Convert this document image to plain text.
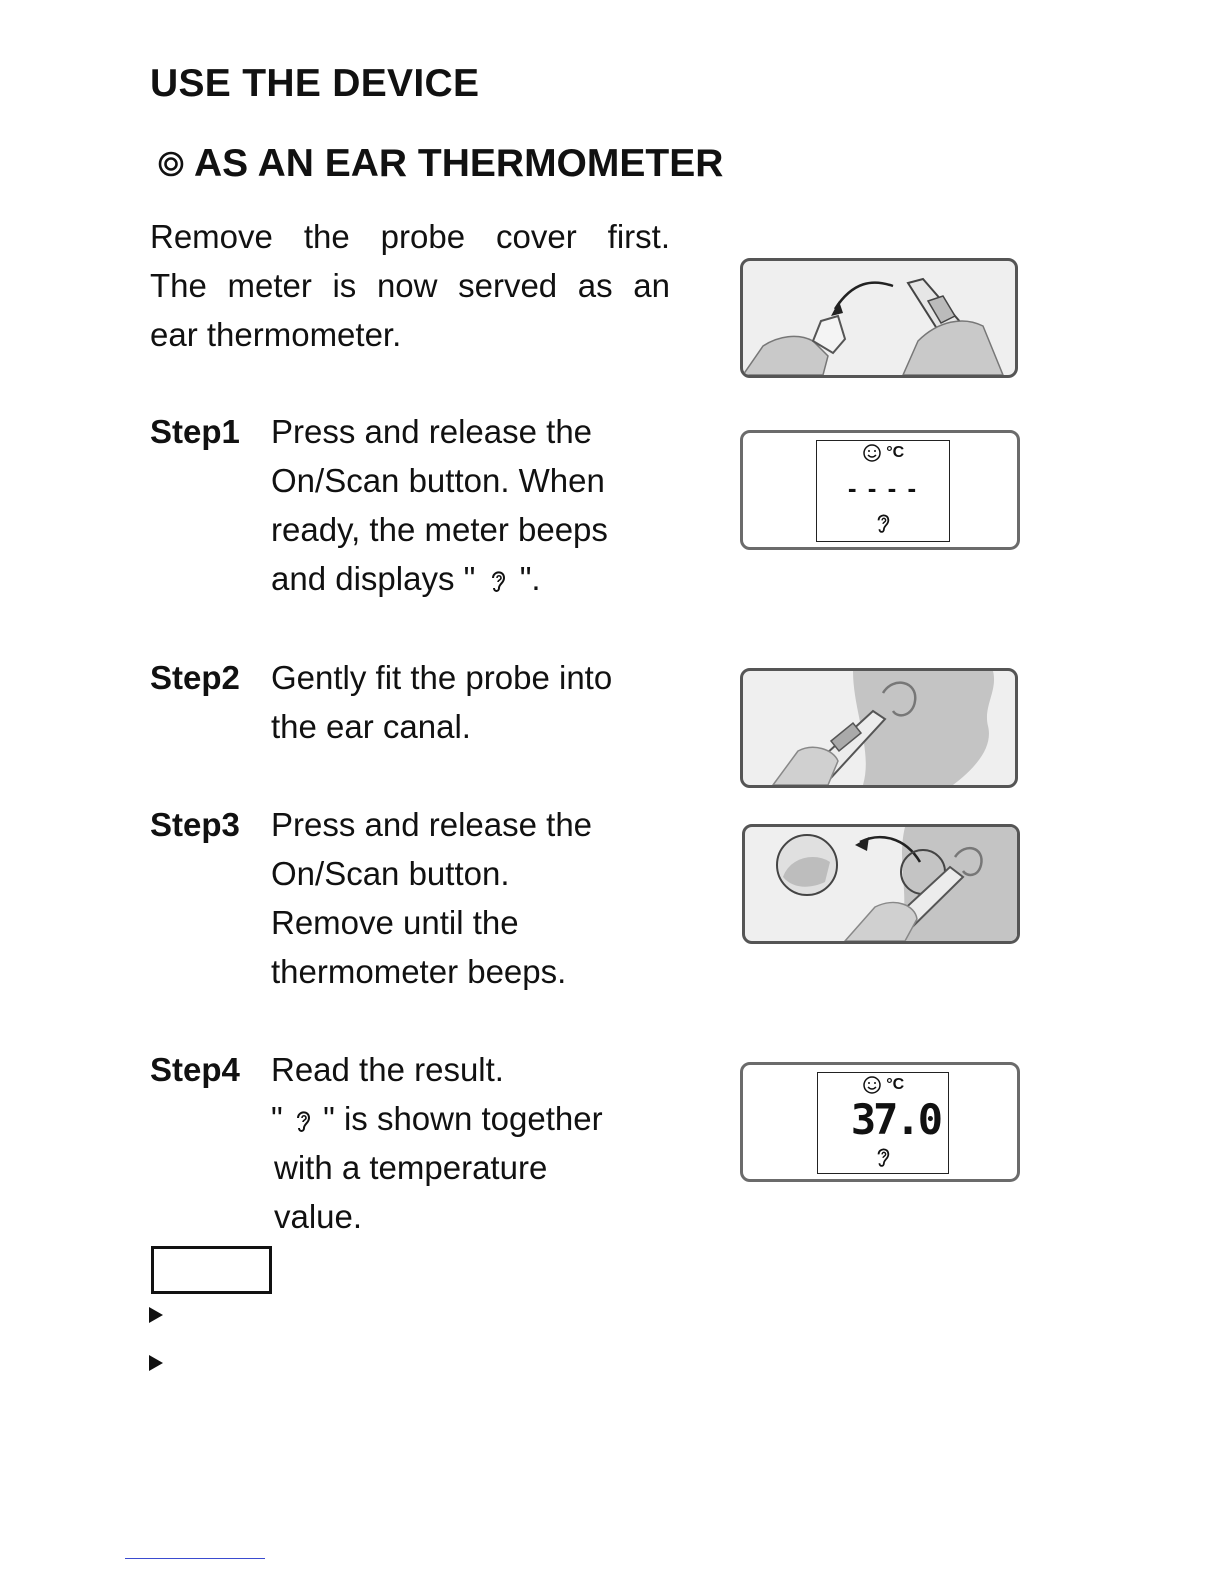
USE THE DEVICE
AS AN EAR THERMOMETER
Remove the probe cover first.
The meter is now served as an
ear thermometer.
Step1 Press and release the
On/Scan button. When
ready, the meter beeps
and displays " ".
Step2 Gently fit the probe into
the ear canal.
Step3 Press and release the
On/Scan button.
Remove until the
thermometer beeps.
Step4 Read the result.
" " is shown together
with a temperature
value.
°C
- - - -
°C
37.0
